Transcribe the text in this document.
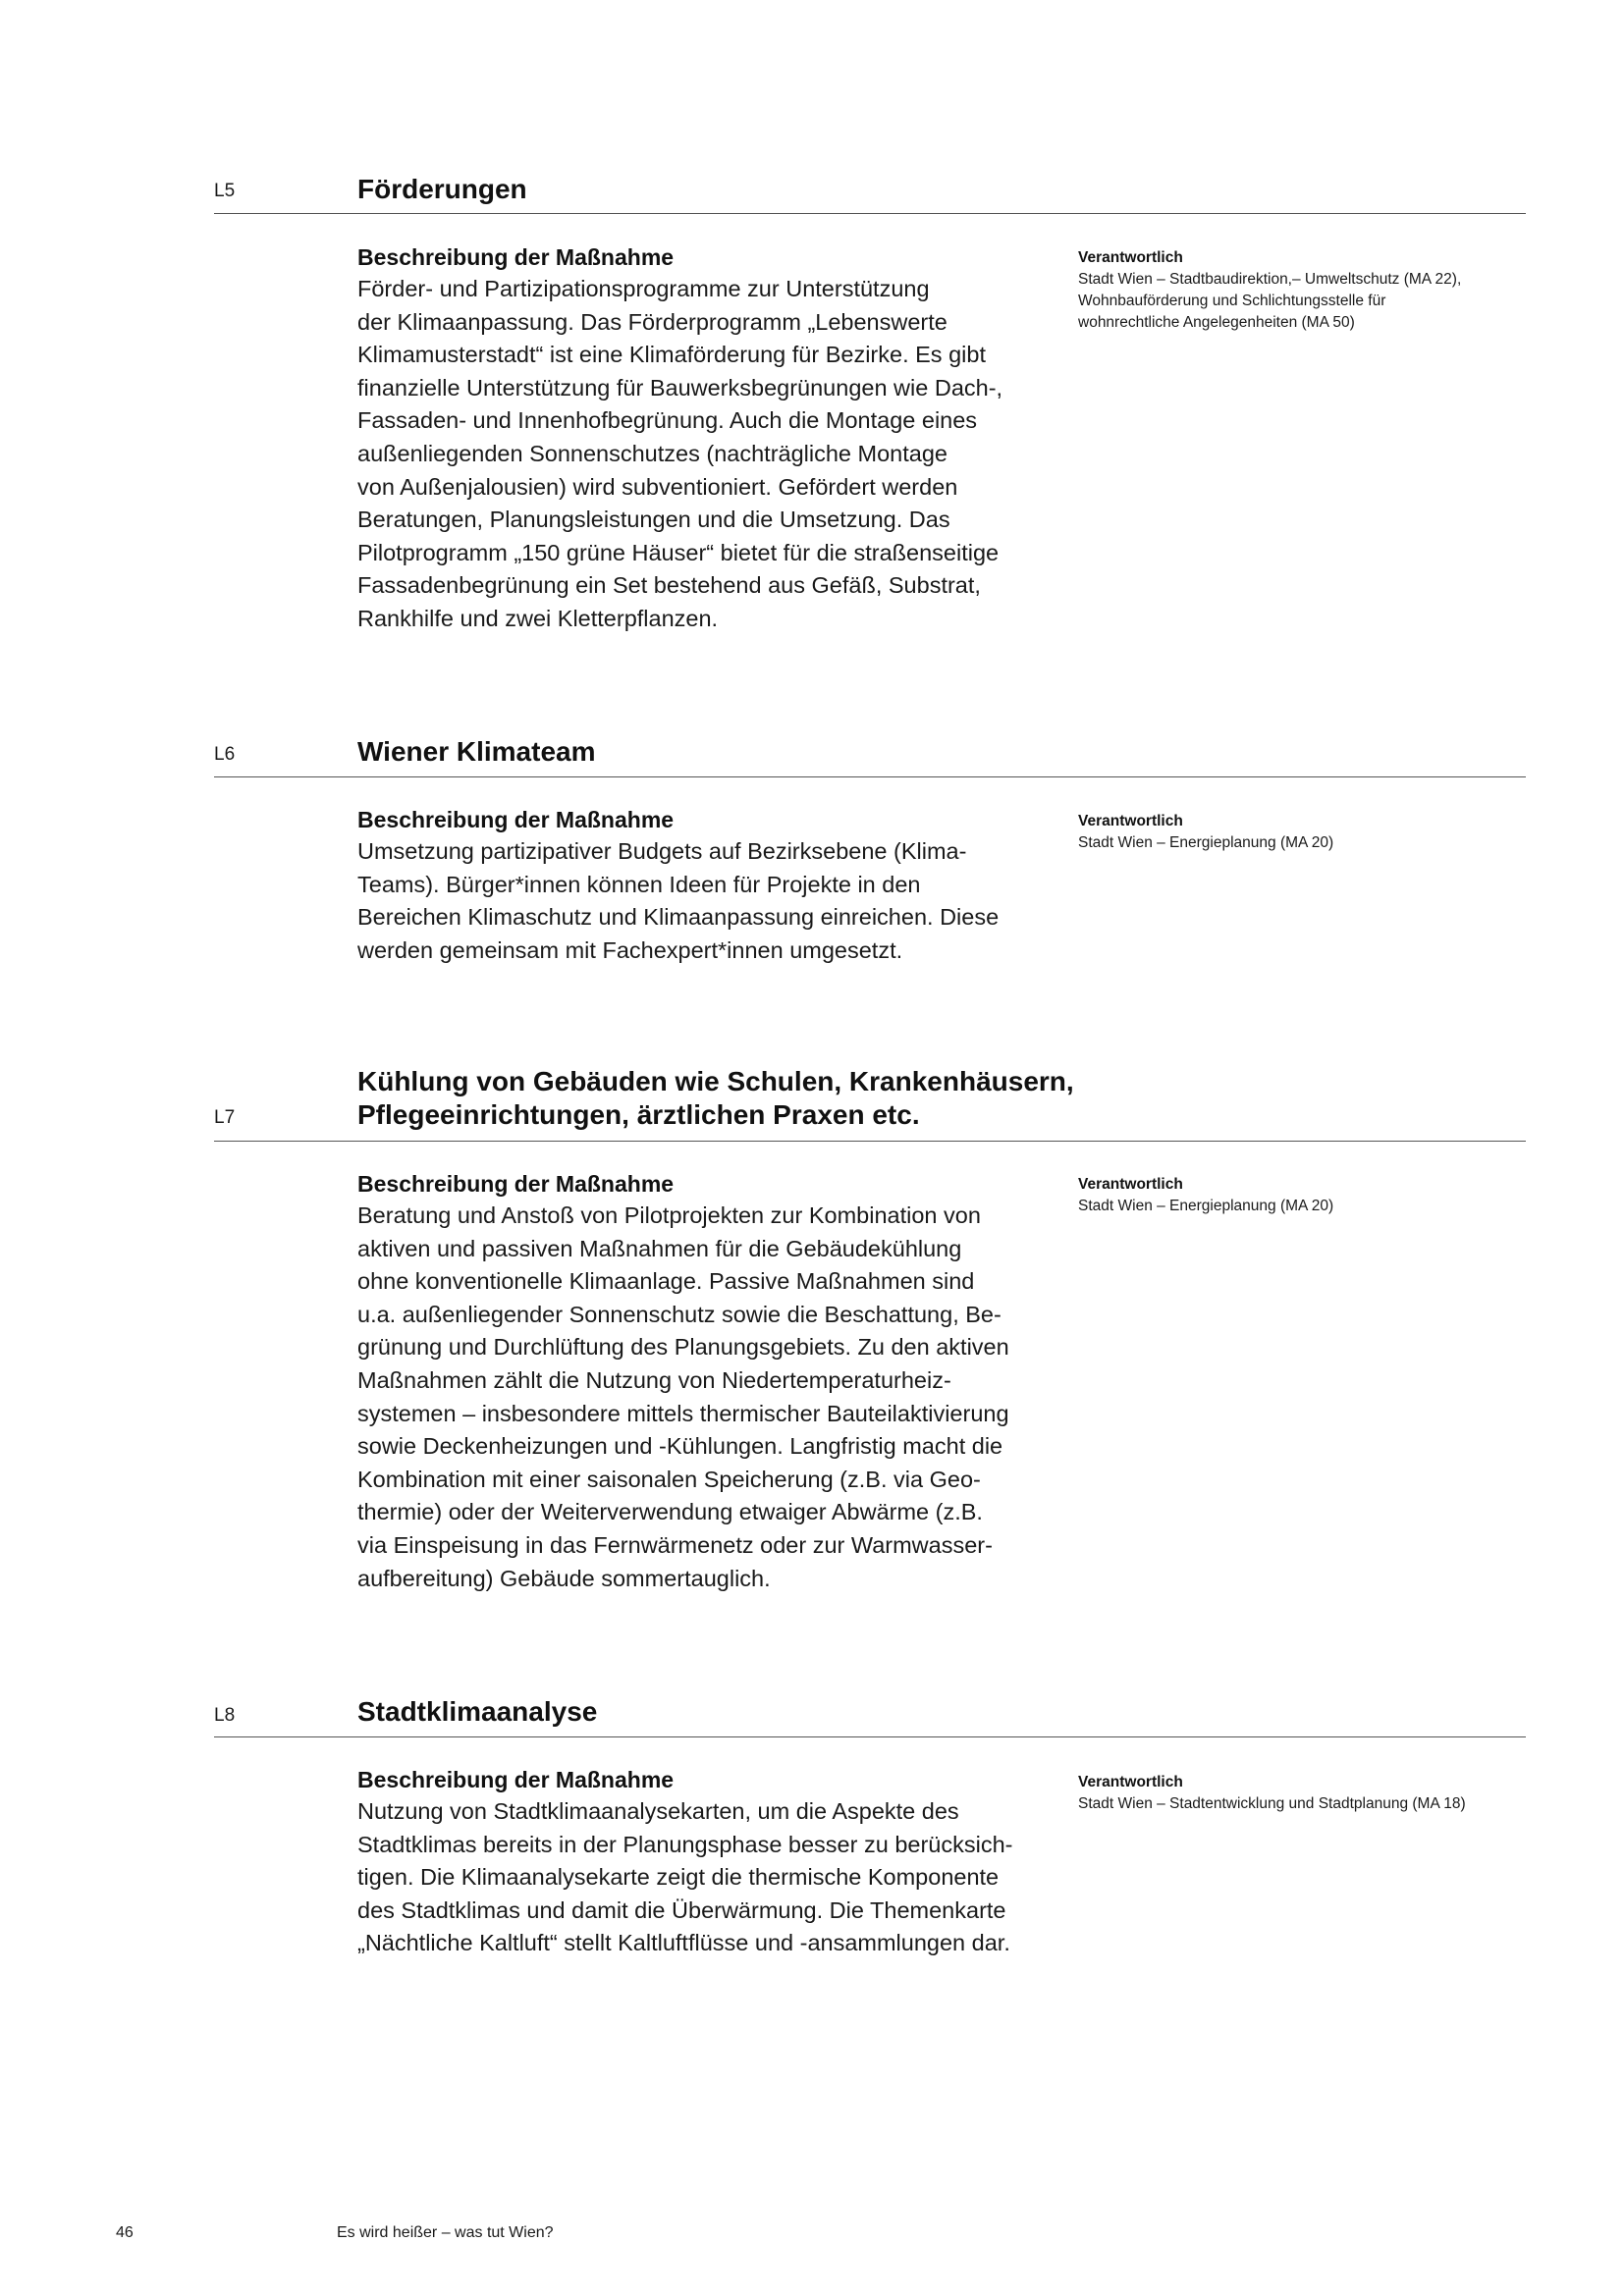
L5	Förderungen
Beschreibung der Maßnahme
Förder- und Partizipationsprogramme zur Unterstützung
der Klimaanpassung. Das Förderprogramm „Lebenswerte
Klimamusterstadt“ ist eine Klimaförderung für Bezirke. Es gibt
finanzielle Unterstützung für Bauwerksbegrünungen wie Dach-,
Fassaden- und Innenhofbegrünung. Auch die Montage eines
außenliegenden Sonnenschutzes (nachträgliche Montage
von Außenjalousien) wird subventioniert. Gefördert werden
Beratungen, Planungsleistungen und die Umsetzung. Das
Pilotprogramm „150 grüne Häuser“ bietet für die straßenseitige
Fassadenbegrünung ein Set bestehend aus Gefäß, Substrat,
Rankhilfe und zwei Kletterpflanzen.
Verantwortlich
Stadt Wien – Stadtbaudirektion,– Umweltschutz (MA 22),
Wohnbauförderung und Schlichtungsstelle für
wohnrechtliche Angelegenheiten (MA 50)
L6	Wiener Klimateam
Beschreibung der Maßnahme
Umsetzung partizipativer Budgets auf Bezirksebene (Klima-
Teams). Bürger*innen können Ideen für Projekte in den
Bereichen Klimaschutz und Klimaanpassung einreichen. Diese
werden gemeinsam mit Fachexpert*innen umgesetzt.
Verantwortlich
Stadt Wien – Energieplanung (MA 20)
L7
Kühlung von Gebäuden wie Schulen, Krankenhäusern,
Pflegeeinrichtungen, ärztlichen Praxen etc.
Beschreibung der Maßnahme
Beratung und Anstoß von Pilotprojekten zur Kombination von
aktiven und passiven Maßnahmen für die Gebäudekühlung
ohne konventionelle Klimaanlage. Passive Maßnahmen sind
u.a. außenliegender Sonnenschutz sowie die Beschattung, Be-
grünung und Durchlüftung des Planungsgebiets. Zu den aktiven
Maßnahmen zählt die Nutzung von Niedertemperaturheiz-
systemen – insbesondere mittels thermischer Bauteilaktivierung
sowie Deckenheizungen und -Kühlungen. Langfristig macht die
Kombination mit einer saisonalen Speicherung (z.B. via Geo-
thermie) oder der Weiterverwendung etwaiger Abwärme (z.B.
via Einspeisung in das Fernwärmenetz oder zur Warmwasser-
aufbereitung) Gebäude sommertauglich.
Verantwortlich
Stadt Wien – Energieplanung (MA 20)
L8	Stadtklimaanalyse
Beschreibung der Maßnahme
Nutzung von Stadtklimaanalysekarten, um die Aspekte des
Stadtklimas bereits in der Planungsphase besser zu berücksich-
tigen. Die Klimaanalysekarte zeigt die thermische Komponente
des Stadtklimas und damit die Überwärmung. Die Themenkarte
„Nächtliche Kaltluft“ stellt Kaltluftflüsse und -ansammlungen dar.
Verantwortlich
Stadt Wien – Stadtentwicklung und Stadtplanung (MA 18)
46	Es wird heißer – was tut Wien?
